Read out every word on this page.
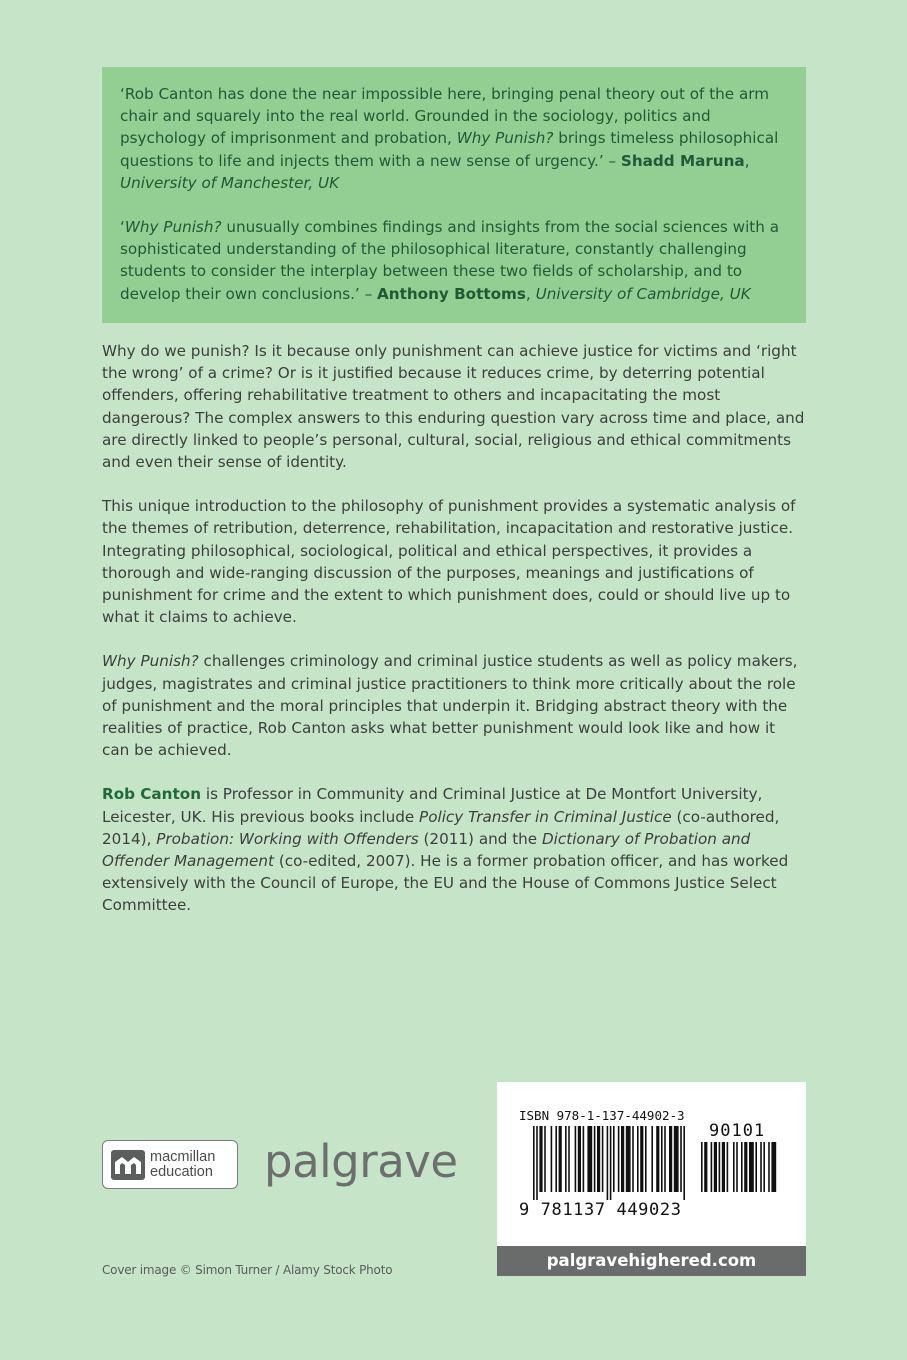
‘Rob Canton has done the near impossible here, bringing penal theory out of the arm chair and squarely into the real world. Grounded in the sociology, politics and psychology of imprisonment and probation, Why Punish? brings timeless philosophical questions to life and injects them with a new sense of urgency.’ – Shadd Maruna,
University of Manchester, UK

‘Why Punish? unusually combines findings and insights from the social sciences with a sophisticated understanding of the philosophical literature, constantly challenging students to consider the interplay between these two fields of scholarship, and to develop their own conclusions.’ – Anthony Bottoms, University of Cambridge, UK

Why do we punish? Is it because only punishment can achieve justice for victims and ‘right the wrong’ of a crime? Or is it justified because it reduces crime, by deterring potential offenders, offering rehabilitative treatment to others and incapacitating the most dangerous? The complex answers to this enduring question vary across time and place, and are directly linked to people’s personal, cultural, social, religious and ethical commitments and even their sense of identity.

This unique introduction to the philosophy of punishment provides a systematic analysis of the themes of retribution, deterrence, rehabilitation, incapacitation and restorative justice. Integrating philosophical, sociological, political and ethical perspectives, it provides a thorough and wide-ranging discussion of the purposes, meanings and justifications of punishment for crime and the extent to which punishment does, could or should live up to what it claims to achieve.

Why Punish? challenges criminology and criminal justice students as well as policy makers, judges, magistrates and criminal justice practitioners to think more critically about the role of punishment and the moral principles that underpin it. Bridging abstract theory with the realities of practice, Rob Canton asks what better punishment would look like and how it can be achieved.

Rob Canton is Professor in Community and Criminal Justice at De Montfort University, Leicester, UK. His previous books include Policy Transfer in Criminal Justice (co-authored, 2014), Probation: Working with Offenders (2011) and the Dictionary of Probation and Offender Management (co-edited, 2007). He is a former probation officer, and has worked extensively with the Council of Europe, the EU and the House of Commons Justice Select Committee.

macmillan
education palgrave
ISBN 978-1-137-44902-3
90101
9 781137 449023
palgravehighered.com
Cover image © Simon Turner / Alamy Stock Photo
